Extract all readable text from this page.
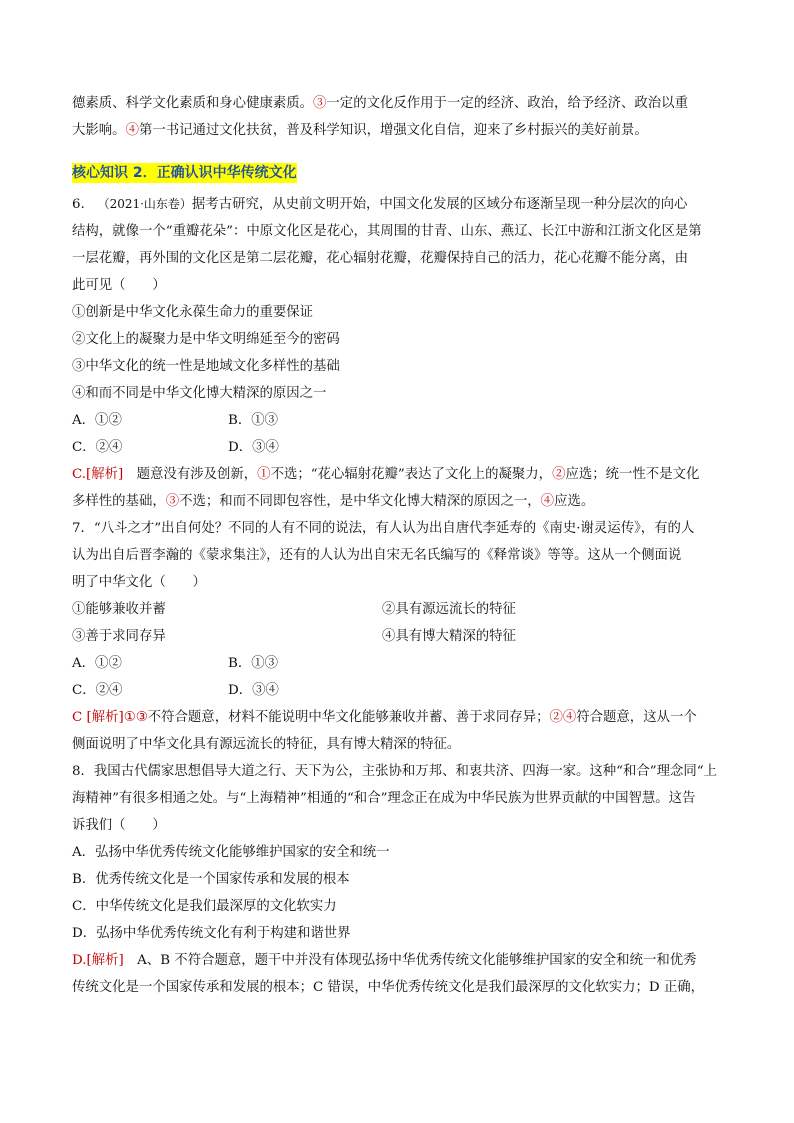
德素质、科学文化素质和身心健康素质。③一定的文化反作用于一定的经济、政治，给予经济、政治以重

大影响。④第一书记通过文化扶贫，普及科学知识，增强文化自信，迎来了乡村振兴的美好前景。

核心知识 2．正确认识中华传统文化

6. （2021·山东卷）据考古研究，从史前文明开始，中国文化发展的区域分布逐渐呈现一种分层次的向心

结构，就像一个“重瓣花朵”：中原文化区是花心，其周围的甘青、山东、燕辽、长江中游和江浙文化区是第

一层花瓣，再外围的文化区是第二层花瓣，花心辐射花瓣，花瓣保持自己的活力，花心花瓣不能分离，由

此可见（　　）

①创新是中华文化永葆生命力的重要保证

②文化上的凝聚力是中华文明绵延至今的密码

③中华文化的统一性是地域文化多样性的基础

④和而不同是中华文化博大精深的原因之一

A．①②	B．①③
C．②④	D．③④

C.[解析]　题意没有涉及创新，①不选；“花心辐射花瓣”表达了文化上的凝聚力，②应选；统一性不是文化

多样性的基础，③不选；和而不同即包容性，是中华文化博大精深的原因之一，④应选。

7．“八斗之才”出自何处？不同的人有不同的说法，有人认为出自唐代李延寿的《南史·谢灵运传》，有的人

认为出自后晋李瀚的《蒙求集注》，还有的人认为出自宋无名氏编写的《释常谈》等等。这从一个侧面说

明了中华文化（　　）

①能够兼收并蓄	②具有源远流长的特征
③善于求同存异	④具有博大精深的特征
A．①②	B．①③
C．②④	D．③④

C [解析]①③不符合题意，材料不能说明中华文化能够兼收并蓄、善于求同存异；②④符合题意，这从一个

侧面说明了中华文化具有源远流长的特征，具有博大精深的特征。

8．我国古代儒家思想倡导大道之行、天下为公，主张协和万邦、和衷共济、四海一家。这种“和合”理念同“上

海精神”有很多相通之处。与“上海精神”相通的“和合”理念正在成为中华民族为世界贡献的中国智慧。这告

诉我们（　　）

A．弘扬中华优秀传统文化能够维护国家的安全和统一

B．优秀传统文化是一个国家传承和发展的根本

C．中华传统文化是我们最深厚的文化软实力

D．弘扬中华优秀传统文化有利于构建和谐世界

D.[解析]　A、B 不符合题意，题干中并没有体现弘扬中华优秀传统文化能够维护国家的安全和统一和优秀

传统文化是一个国家传承和发展的根本；C 错误，中华优秀传统文化是我们最深厚的文化软实力；D 正确，
